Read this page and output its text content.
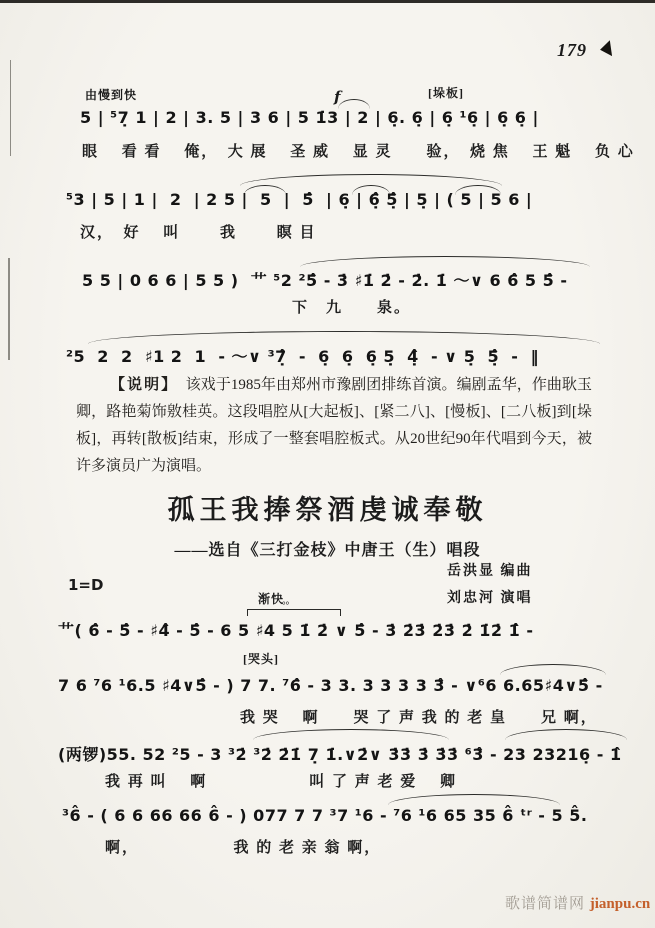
179
由慢到快	f	[垛板]
5 | ⁵7̣ 1 | 2 | 3. 5 | 3 6 | 5 1̇3 | 2 | 6̣. 6̣ | 6̣ ¹6̣ | 6̣ 6̣ |
眼　 看 看　 俺，　大 展　 圣 威　 显 灵　　验，　烧 焦　 王 魁　 负 心
⁵3 | 5 | 1 |  2  | 2 5 |  5  |  5̂  | 6̣ | 6̣̂ 5̣̂ | 5̣ | ( 5 | 5 6 |
汉，　好　 叫　　 我　　 瞑 目
5 5 | 0 6 6 | 5 5 )  艹 ⁵2 ²5̂ - 3̇ ♯1̇ 2̇ - 2̇. 1̇ ～∨ 6 6̂ 5 5̂ -
下　九　　泉。
²5  2  2  ♯1 2  1  - ～∨ ³7̣̂  -  6̣  6̣  6̣ 5̣  4̣̂  - ∨ 5̣  5̣̂  -  ‖

【说明】　该戏于1985年由郑州市豫剧团排练首演。编剧孟华，作曲耿玉卿，路艳菊饰敫桂英。这段唱腔从[大起板]、[紧二八]、[慢板]、[二八板]到[垛板]，再转[散板]结束，形成了一整套唱腔板式。从20世纪90年代唱到今天，被许多演员广为演唱。

孤王我捧祭酒虔诚奉敬
——选自《三打金枝》中唐王（生）唱段
岳洪显 编曲
刘忠河 演唱
1=D
渐快
°°
艹( 6̂ - 5̂ - ♯4̂ - 5̂ - 6 5 ♯4 5 1̇ 2̇ ∨ 5̂ - 3̇ 2̇3̇ 2̇3̇ 2̇ 1̇2̇ 1̇̂ -
[哭头]
7 6 ⁷6 ¹6.5 ♯4∨5̂ - ) 7 7. ⁷6̂ - 3 3. 3 3 3 3 3̂ - ∨⁶6 6.65♯4∨5̂ -
我 哭　 啊　　哭 了 声 我 的 老 皇　　兄 啊，
(两锣)55. 52 ²5 - 3 ³2̇ ³2̇ 2̇1̇ 7̣ 1̇.∨2̇∨ 3̇3̇ 3̇ 3̇3̇ ⁶3̂ - 23 23216̣ - 1̂
我 再 叫　 啊　　　　　　叫 了 声 老 爱　 卿
³6̂ - ( 6 6 66 66 6̂ - ) 077 7 7 ³7 ¹6 - ⁷6 ¹6 65 35 6̂ ᵗʳ - 5 5̂.
啊，　　　　　　我 的 老 亲 翁 啊，
歌谱简谱网 jianpu.cn
